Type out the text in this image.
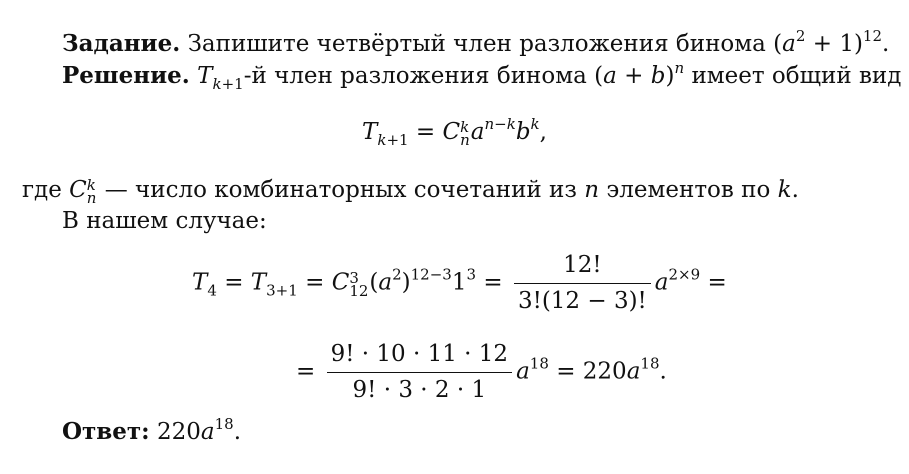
Задание. Запишите четвёртый член разложения бинома $(a^2 + 1)^{12}$.
Решение. $T_{k+1}-й$ член разложения бинома $(a + b)^n$ имеет общий вид
$T_{k+1} = C$ k
n $a^{n-k}b^k$,
где C k
n — число комбинаторных сочетаний из n элементов по k.
В нашем случае:
$T_4 = T_{3+1} = C$ 3
12 $(a^2)^{12-3}1^3 = \frac{12!}{3!(12 - 3)!} a^{2\times 9}$ =
= $\frac{9! \cdot 10 \cdot 11 \cdot 12}{9! \cdot 3 \cdot 2 \cdot 1} a^{18} = 220a^{18}$.
Ответ: $220a^{18}$.
